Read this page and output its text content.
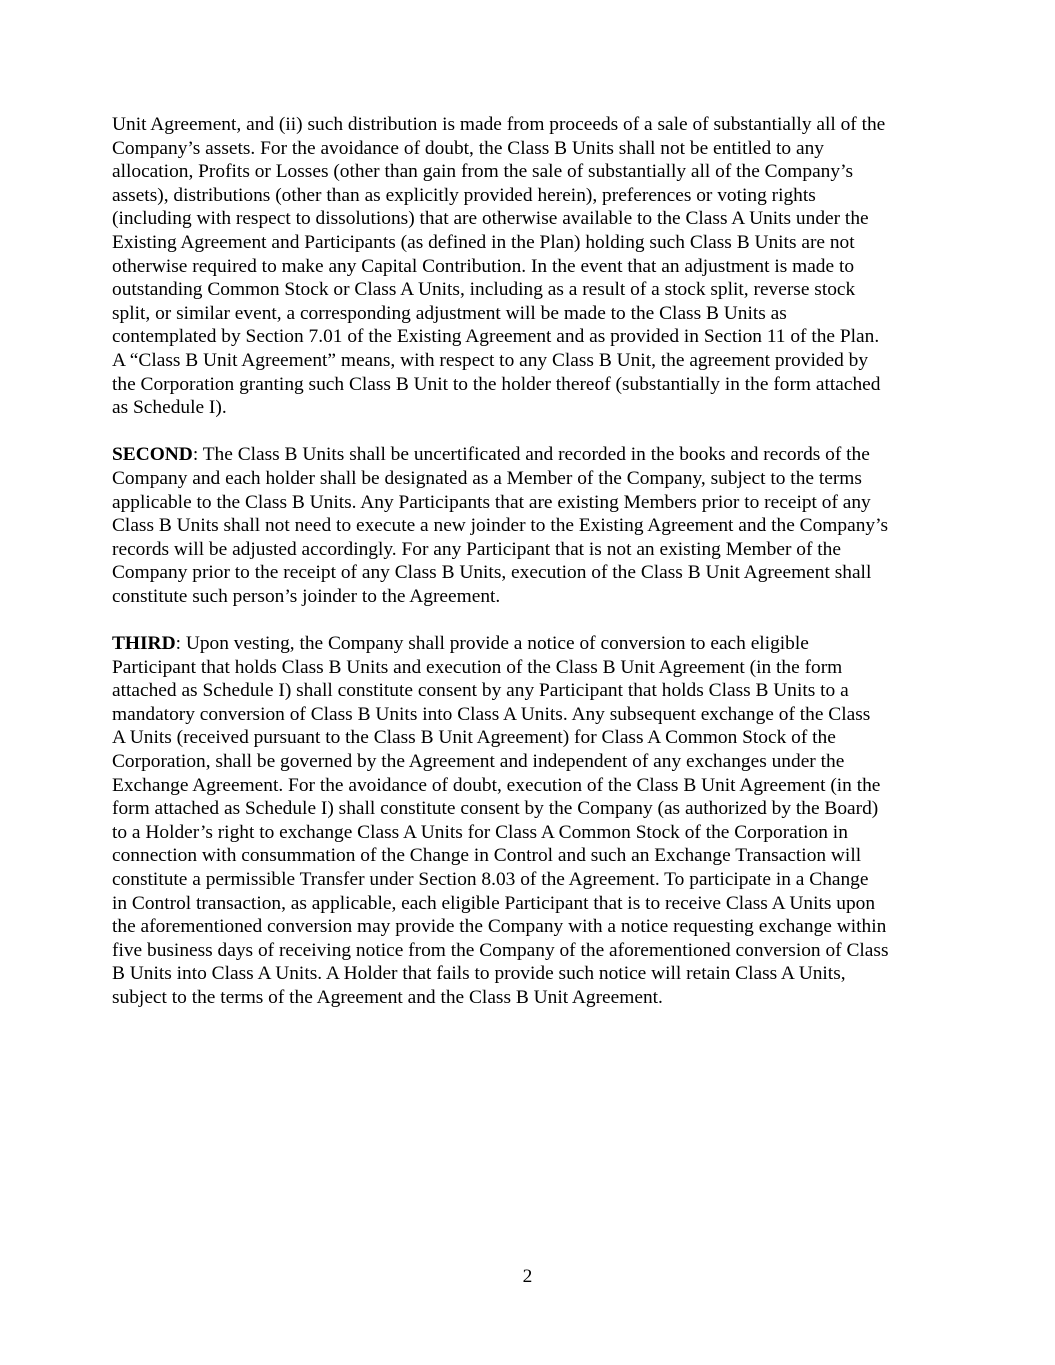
Unit Agreement, and (ii) such distribution is made from proceeds of a sale of substantially all of the
Company’s assets. For the avoidance of doubt, the Class B Units shall not be entitled to any
allocation, Profits or Losses (other than gain from the sale of substantially all of the Company’s
assets), distributions (other than as explicitly provided herein), preferences or voting rights
(including with respect to dissolutions) that are otherwise available to the Class A Units under the
Existing Agreement and Participants (as defined in the Plan) holding such Class B Units are not
otherwise required to make any Capital Contribution. In the event that an adjustment is made to
outstanding Common Stock or Class A Units, including as a result of a stock split, reverse stock
split, or similar event, a corresponding adjustment will be made to the Class B Units as
contemplated by Section 7.01 of the Existing Agreement and as provided in Section 11 of the Plan.
A “Class B Unit Agreement” means, with respect to any Class B Unit, the agreement provided by
the Corporation granting such Class B Unit to the holder thereof (substantially in the form attached
as Schedule I).
SECOND: The Class B Units shall be uncertificated and recorded in the books and records of the
Company and each holder shall be designated as a Member of the Company, subject to the terms
applicable to the Class B Units. Any Participants that are existing Members prior to receipt of any
Class B Units shall not need to execute a new joinder to the Existing Agreement and the Company’s
records will be adjusted accordingly. For any Participant that is not an existing Member of the
Company prior to the receipt of any Class B Units, execution of the Class B Unit Agreement shall
constitute such person’s joinder to the Agreement.
THIRD: Upon vesting, the Company shall provide a notice of conversion to each eligible
Participant that holds Class B Units and execution of the Class B Unit Agreement (in the form
attached as Schedule I) shall constitute consent by any Participant that holds Class B Units to a
mandatory conversion of Class B Units into Class A Units. Any subsequent exchange of the Class
A Units (received pursuant to the Class B Unit Agreement) for Class A Common Stock of the
Corporation, shall be governed by the Agreement and independent of any exchanges under the
Exchange Agreement. For the avoidance of doubt, execution of the Class B Unit Agreement (in the
form attached as Schedule I) shall constitute consent by the Company (as authorized by the Board)
to a Holder’s right to exchange Class A Units for Class A Common Stock of the Corporation in
connection with consummation of the Change in Control and such an Exchange Transaction will
constitute a permissible Transfer under Section 8.03 of the Agreement. To participate in a Change
in Control transaction, as applicable, each eligible Participant that is to receive Class A Units upon
the aforementioned conversion may provide the Company with a notice requesting exchange within
five business days of receiving notice from the Company of the aforementioned conversion of Class
B Units into Class A Units. A Holder that fails to provide such notice will retain Class A Units,
subject to the terms of the Agreement and the Class B Unit Agreement.
2
